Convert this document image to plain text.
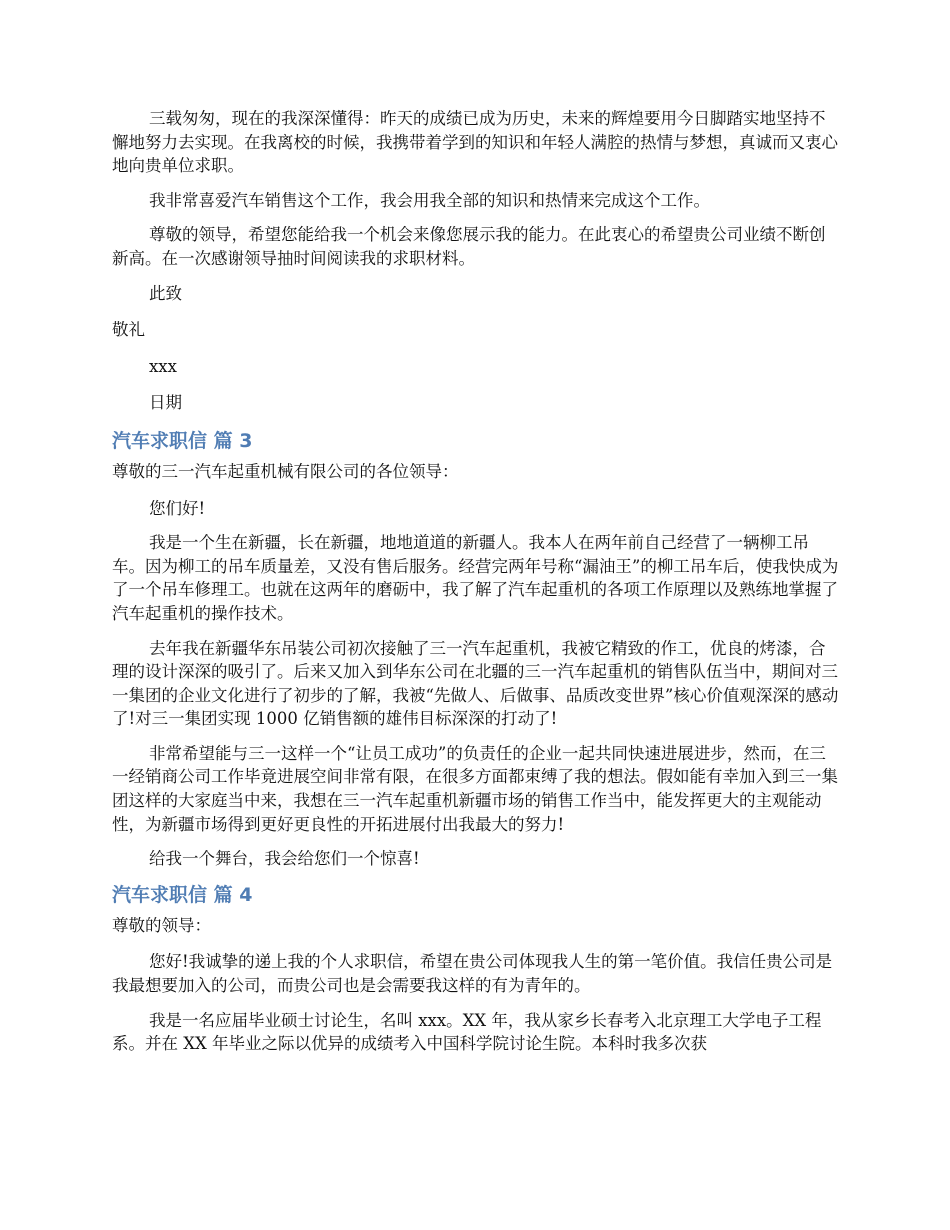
三载匆匆，现在的我深深懂得：昨天的成绩已成为历史，未来的辉煌要用今日脚踏实地坚持不懈地努力去实现。在我离校的时候，我携带着学到的知识和年轻人满腔的热情与梦想，真诚而又衷心地向贵单位求职。

我非常喜爱汽车销售这个工作，我会用我全部的知识和热情来完成这个工作。

尊敬的领导，希望您能给我一个机会来像您展示我的能力。在此衷心的希望贵公司业绩不断创新高。在一次感谢领导抽时间阅读我的求职材料。

此致

敬礼

xxx

日期

汽车求职信 篇 3

尊敬的三一汽车起重机械有限公司的各位领导：

您们好!

我是一个生在新疆，长在新疆，地地道道的新疆人。我本人在两年前自己经营了一辆柳工吊车。因为柳工的吊车质量差，又没有售后服务。经营完两年号称“漏油王”的柳工吊车后，使我快成为了一个吊车修理工。也就在这两年的磨砺中，我了解了汽车起重机的各项工作原理以及熟练地掌握了汽车起重机的操作技术。

去年我在新疆华东吊装公司初次接触了三一汽车起重机，我被它精致的作工，优良的烤漆，合理的设计深深的吸引了。后来又加入到华东公司在北疆的三一汽车起重机的销售队伍当中，期间对三一集团的企业文化进行了初步的了解，我被“先做人、后做事、品质改变世界”核心价值观深深的感动了!对三一集团实现 1000 亿销售额的雄伟目标深深的打动了!

非常希望能与三一这样一个“让员工成功”的负责任的企业一起共同快速进展进步，然而，在三一经销商公司工作毕竟进展空间非常有限，在很多方面都束缚了我的想法。假如能有幸加入到三一集团这样的大家庭当中来，我想在三一汽车起重机新疆市场的销售工作当中，能发挥更大的主观能动性，为新疆市场得到更好更良性的开拓进展付出我最大的努力!

给我一个舞台，我会给您们一个惊喜!

汽车求职信 篇 4

尊敬的领导：

您好!我诚挚的递上我的个人求职信，希望在贵公司体现我人生的第一笔价值。我信任贵公司是我最想要加入的公司，而贵公司也是会需要我这样的有为青年的。

我是一名应届毕业硕士讨论生，名叫 xxx。XX 年，我从家乡长春考入北京理工大学电子工程系。并在 XX 年毕业之际以优异的成绩考入中国科学院讨论生院。本科时我多次获
